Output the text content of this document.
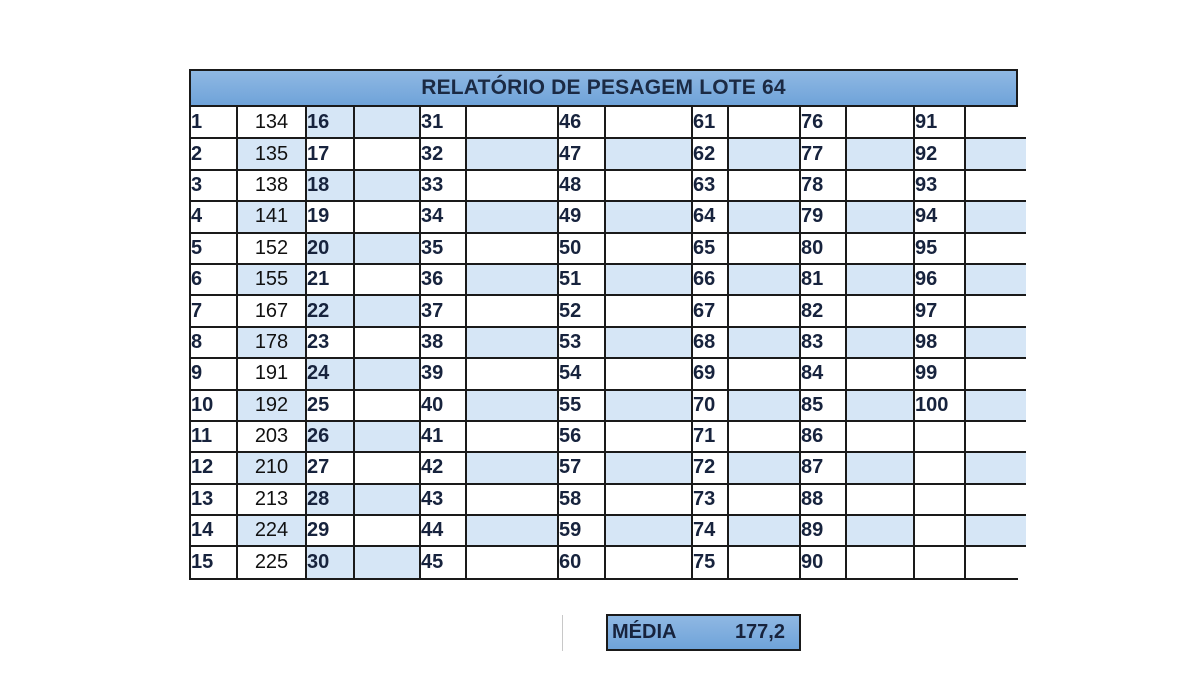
RELATÓRIO DE PESAGEM LOTE 64
1	134	16		31		46		61		76		91	
2	135	17		32		47		62		77		92	
3	138	18		33		48		63		78		93	
4	141	19		34		49		64		79		94	
5	152	20		35		50		65		80		95	
6	155	21		36		51		66		81		96	
7	167	22		37		52		67		82		97	
8	178	23		38		53		68		83		98	
9	191	24		39		54		69		84		99	
10	192	25		40		55		70		85		100	
11	203	26		41		56		71		86			
12	210	27		42		57		72		87			
13	213	28		43		58		73		88			
14	224	29		44		59		74		89			
15	225	30		45		60		75		90			
MÉDIA	177,2
